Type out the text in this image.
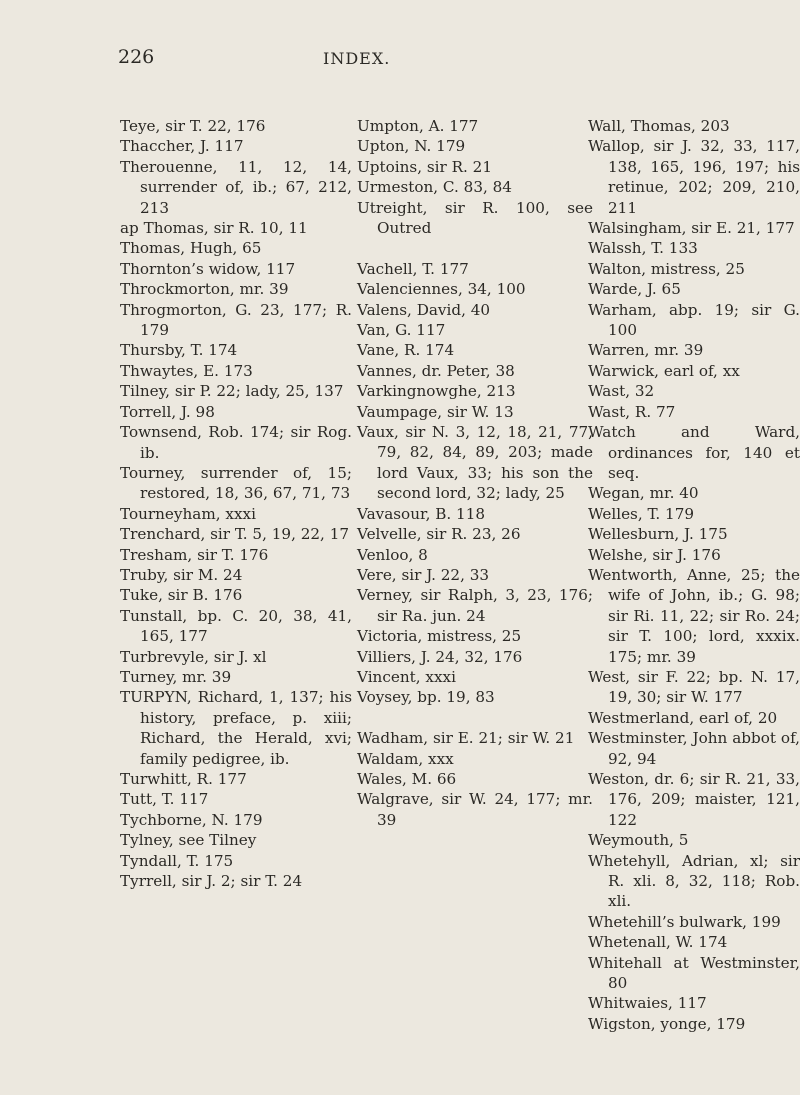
226	INDEX.
Teye, sir T. 22, 176
Thaccher, J. 117
Therouenne, 11, 12, 14, surrender of, ib.; 67, 212, 213
ap Thomas, sir R. 10, 11
Thomas, Hugh, 65
Thornton’s widow, 117
Throckmorton, mr. 39
Throgmorton, G. 23, 177; R. 179
Thursby, T. 174
Thwaytes, E. 173
Tilney, sir P. 22; lady, 25, 137
Torrell, J. 98
Townsend, Rob. 174; sir Rog. ib.
Tourney, surrender of, 15; restored, 18, 36, 67, 71, 73
Tourneyham, xxxi
Trenchard, sir T. 5, 19, 22, 17
Tresham, sir T. 176
Truby, sir M. 24
Tuke, sir B. 176
Tunstall, bp. C. 20, 38, 41, 165, 177
Turbrevyle, sir J. xl
Turney, mr. 39
TURPYN, Richard, 1, 137; his history, preface, p. xiii; Richard, the Herald, xvi; family pedigree, ib.
Turwhitt, R. 177
Tutt, T. 117
Tychborne, N. 179
Tylney, see Tilney
Tyndall, T. 175
Tyrrell, sir J. 2; sir T. 24
Umpton, A. 177
Upton, N. 179
Uptoins, sir R. 21
Urmeston, C. 83, 84
Utreight, sir R. 100, see Outred
Vachell, T. 177
Valenciennes, 34, 100
Valens, David, 40
Van, G. 117
Vane, R. 174
Vannes, dr. Peter, 38
Varkingnowghe, 213
Vaumpage, sir W. 13
Vaux, sir N. 3, 12, 18, 21, 77, 79, 82, 84, 89, 203; made lord Vaux, 33; his son the second lord, 32; lady, 25
Vavasour, B. 118
Velvelle, sir R. 23, 26
Venloo, 8
Vere, sir J. 22, 33
Verney, sir Ralph, 3, 23, 176; sir Ra. jun. 24
Victoria, mistress, 25
Villiers, J. 24, 32, 176
Vincent, xxxi
Voysey, bp. 19, 83
Wadham, sir E. 21; sir W. 21
Waldam, xxx
Wales, M. 66
Walgrave, sir W. 24, 177; mr. 39
Wall, Thomas, 203
Wallop, sir J. 32, 33, 117, 138, 165, 196, 197; his retinue, 202; 209, 210, 211
Walsingham, sir E. 21, 177
Walssh, T. 133
Walton, mistress, 25
Warde, J. 65
Warham, abp. 19; sir G. 100
Warren, mr. 39
Warwick, earl of, xx
Wast, 32
Wast, R. 77
Watch and Ward, ordinances for, 140 et seq.
Wegan, mr. 40
Welles, T. 179
Wellesburn, J. 175
Welshe, sir J. 176
Wentworth, Anne, 25; the wife of John, ib.; G. 98; sir Ri. 11, 22; sir Ro. 24; sir T. 100; lord, xxxix. 175; mr. 39
West, sir F. 22; bp. N. 17, 19, 30; sir W. 177
Westmerland, earl of, 20
Westminster, John abbot of, 92, 94
Weston, dr. 6; sir R. 21, 33, 176, 209; maister, 121, 122
Weymouth, 5
Whetehyll, Adrian, xl; sir R. xli. 8, 32, 118; Rob. xli.
Whetehill’s bulwark, 199
Whetenall, W. 174
Whitehall at Westminster, 80
Whitwaies, 117
Wigston, yonge, 179
